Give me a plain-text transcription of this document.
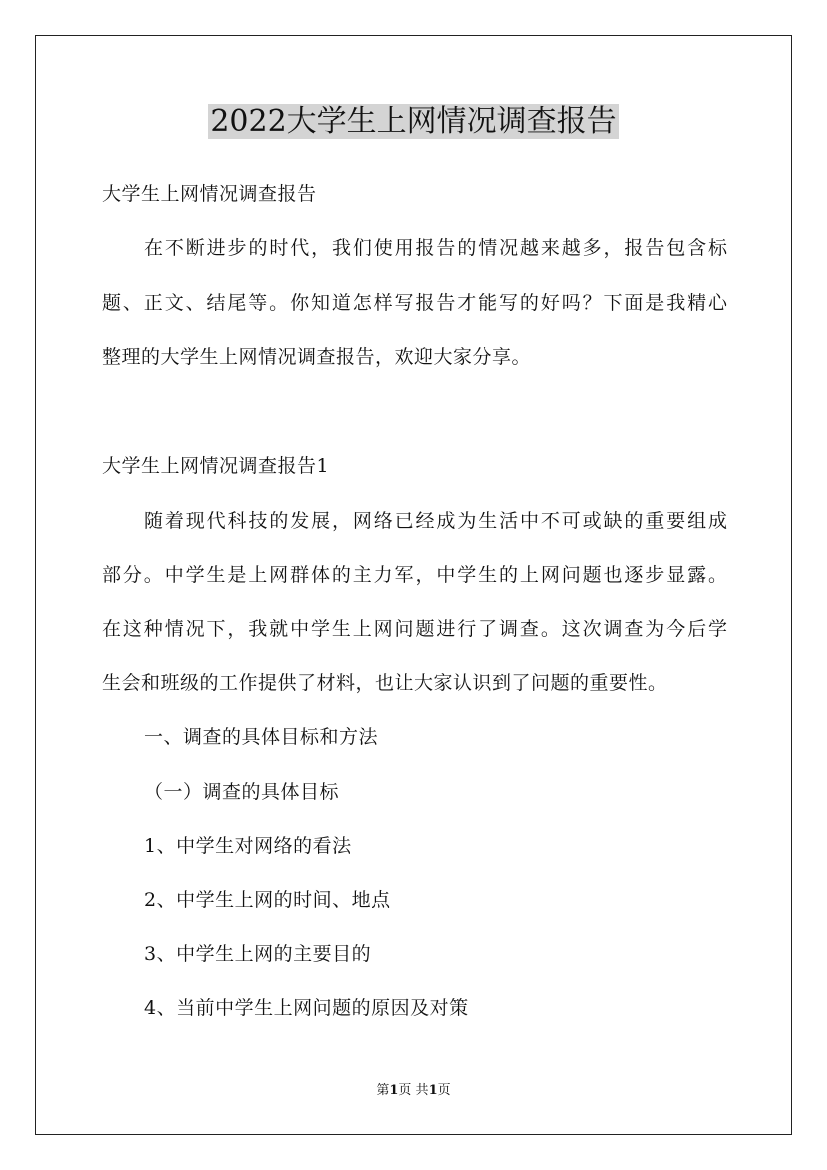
2022大学生上网情况调查报告
大学生上网情况调查报告
在不断进步的时代，我们使用报告的情况越来越多，报告包含标
题、正文、结尾等。你知道怎样写报告才能写的好吗？下面是我精心
整理的大学生上网情况调查报告，欢迎大家分享。
大学生上网情况调查报告1
随着现代科技的发展，网络已经成为生活中不可或缺的重要组成
部分。中学生是上网群体的主力军，中学生的上网问题也逐步显露。
在这种情况下，我就中学生上网问题进行了调查。这次调查为今后学
生会和班级的工作提供了材料，也让大家认识到了问题的重要性。
一、调查的具体目标和方法
（一）调查的具体目标
1、中学生对网络的看法
2、中学生上网的时间、地点
3、中学生上网的主要目的
4、当前中学生上网问题的原因及对策
第1页 共1页
